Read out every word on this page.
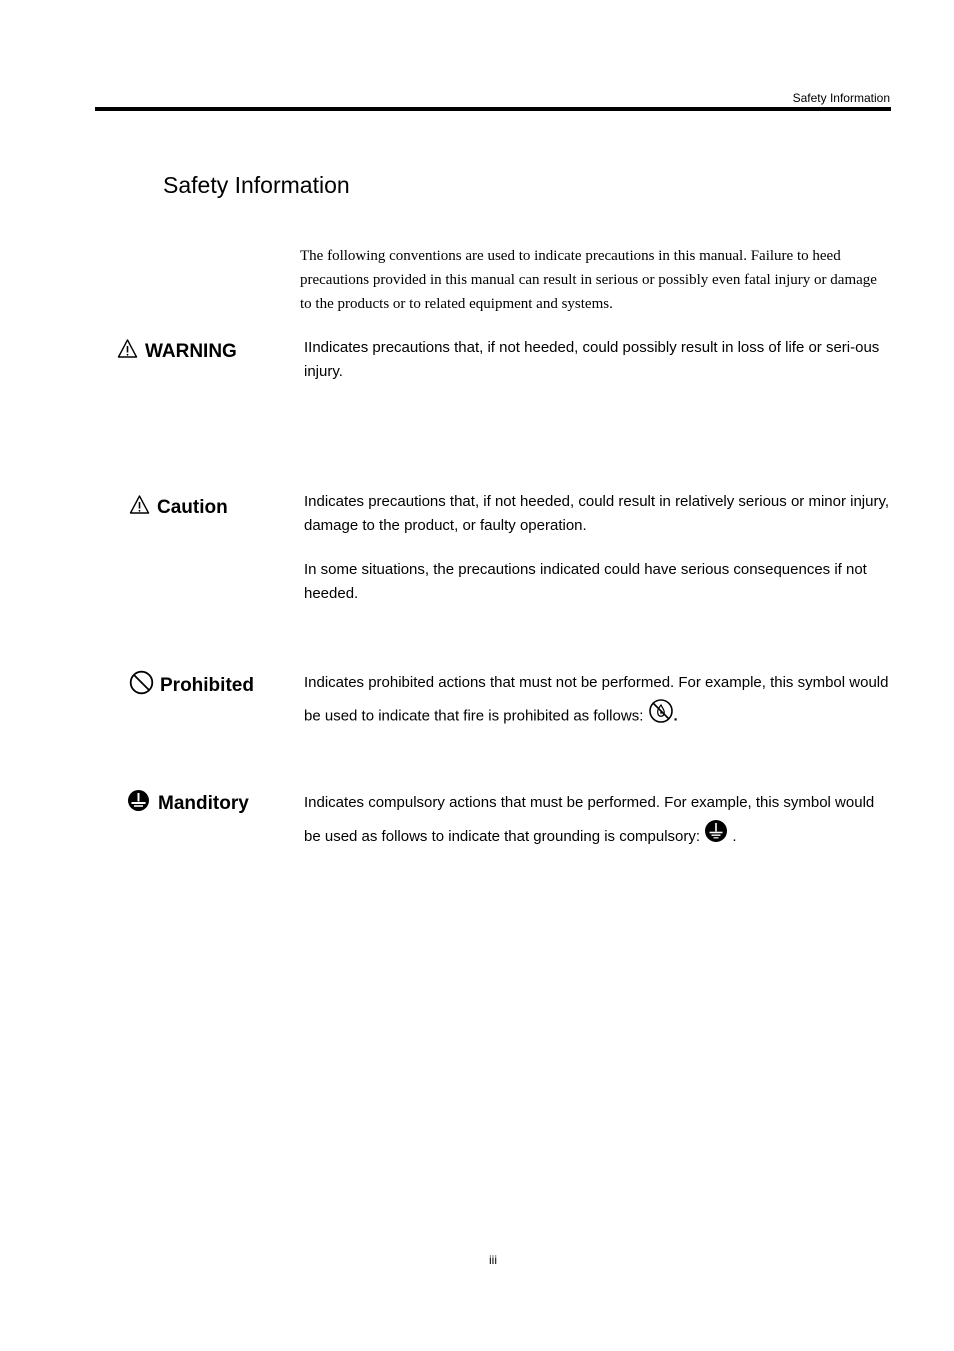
Safety Information
Safety Information

The following conventions are used to indicate precautions in this manual. Failure to heed precautions provided in this manual can result in serious or possibly even fatal injury or damage to the products or to related equipment and systems.

WARNING	IIndicates precautions that, if not heeded, could possibly result in loss of life or seri-ous injury.

Caution	Indicates precautions that, if not heeded, could result in relatively serious or minor injury, damage to the product, or faulty operation.

In some situations, the precautions indicated could have serious consequences if not heeded.

Prohibited	Indicates prohibited actions that must not be performed. For example, this symbol would be used to indicate that fire is prohibited as follows: .

Manditory	Indicates compulsory actions that must be performed. For example, this symbol would be used as follows to indicate that grounding is compulsory: .

iii
